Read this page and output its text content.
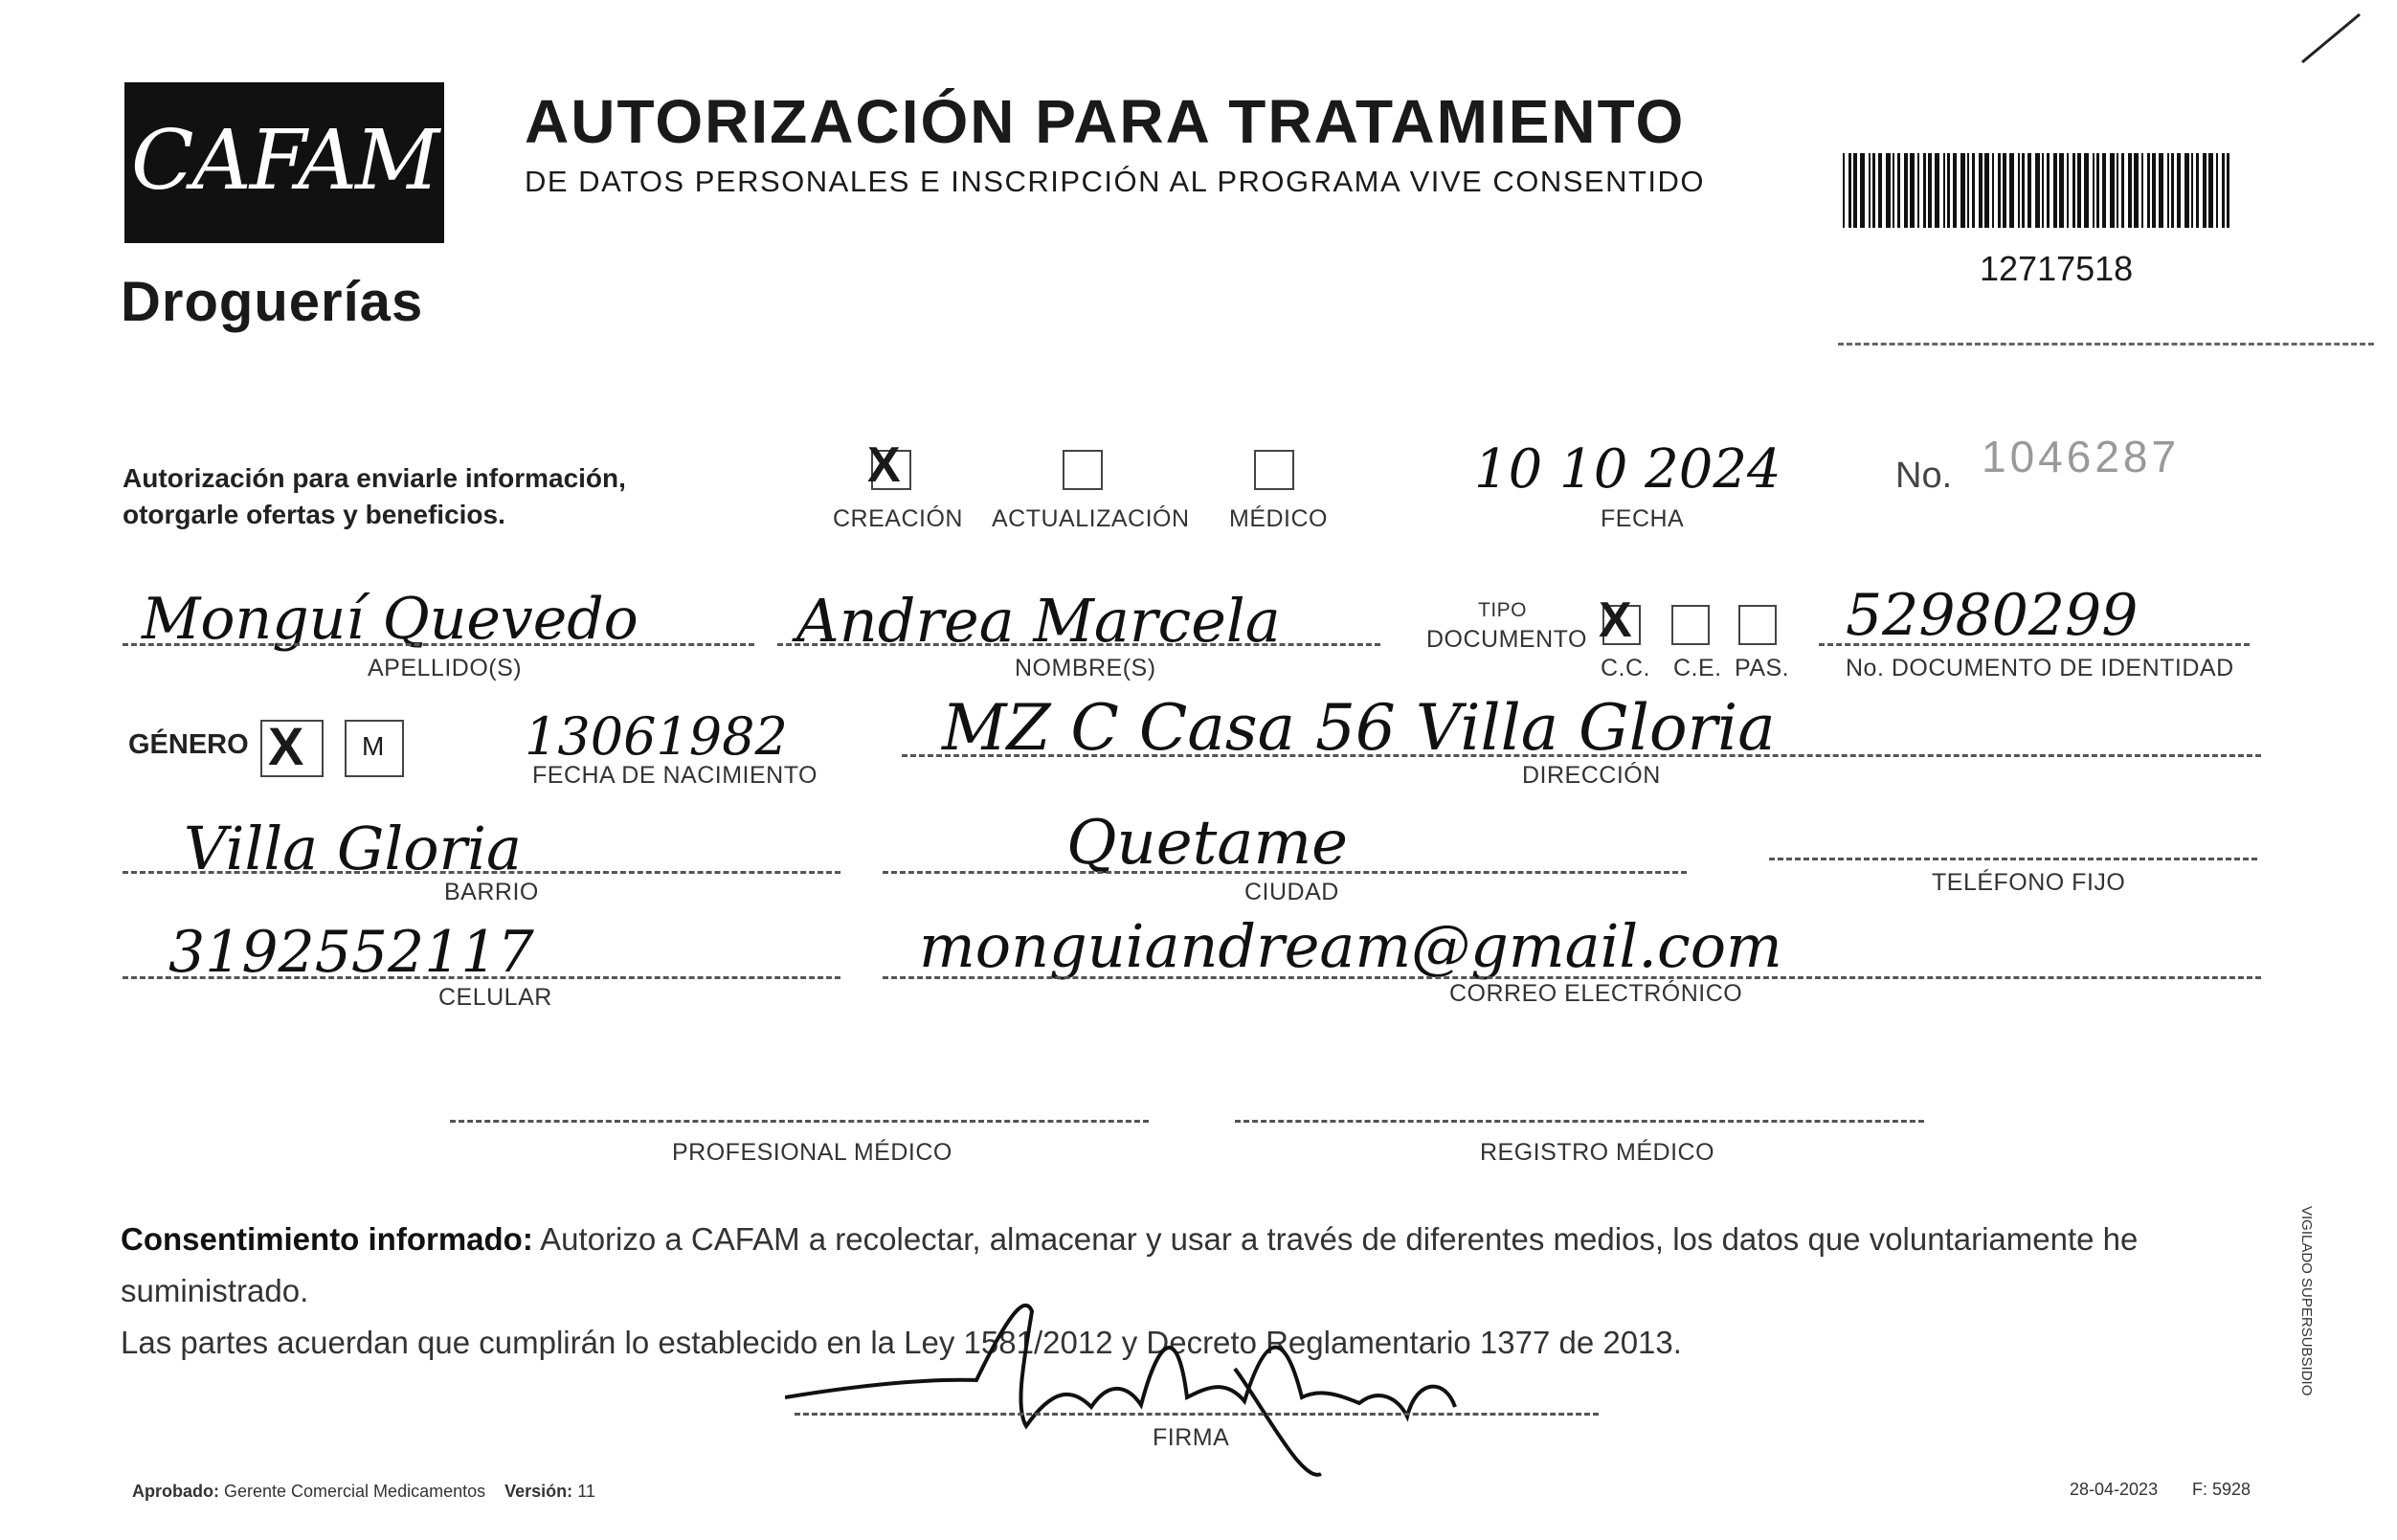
CAFAM
Droguerías
AUTORIZACIÓN PARA TRATAMIENTO
DE DATOS PERSONALES E INSCRIPCIÓN AL PROGRAMA VIVE CONSENTIDO
12717518
Autorización para enviarle información,
otorgarle ofertas y beneficios.
X
CREACIÓN ACTUALIZACIÓN MÉDICO
10 10 2024
FECHA
No. 1046287
Monguí Quevedo
APELLIDO(S)
Andrea Marcela
NOMBRE(S)
TIPO
DOCUMENTO X
C.C. C.E. PAS.
52980299
No. DOCUMENTO DE IDENTIDAD
GÉNERO X M	13061982
FECHA DE NACIMIENTO
MZ C Casa 56 Villa Gloria
DIRECCIÓN
Villa Gloria
BARRIO
Quetame
CIUDAD	TELÉFONO FIJO
3192552117
CELULAR
monguiandream@gmail.com
CORREO ELECTRÓNICO
PROFESIONAL MÉDICO	REGISTRO MÉDICO
Consentimiento informado: Autorizo a CAFAM a recolectar, almacenar y usar a través de diferentes medios, los datos que voluntariamente he suministrado.
Las partes acuerdan que cumplirán lo establecido en la Ley 1581/2012 y Decreto Reglamentario 1377 de 2013.
FIRMA
Aprobado: Gerente Comercial Medicamentos Versión: 11	28-04-2023 F: 5928
VIGILADO SUPERSUBSIDIO
